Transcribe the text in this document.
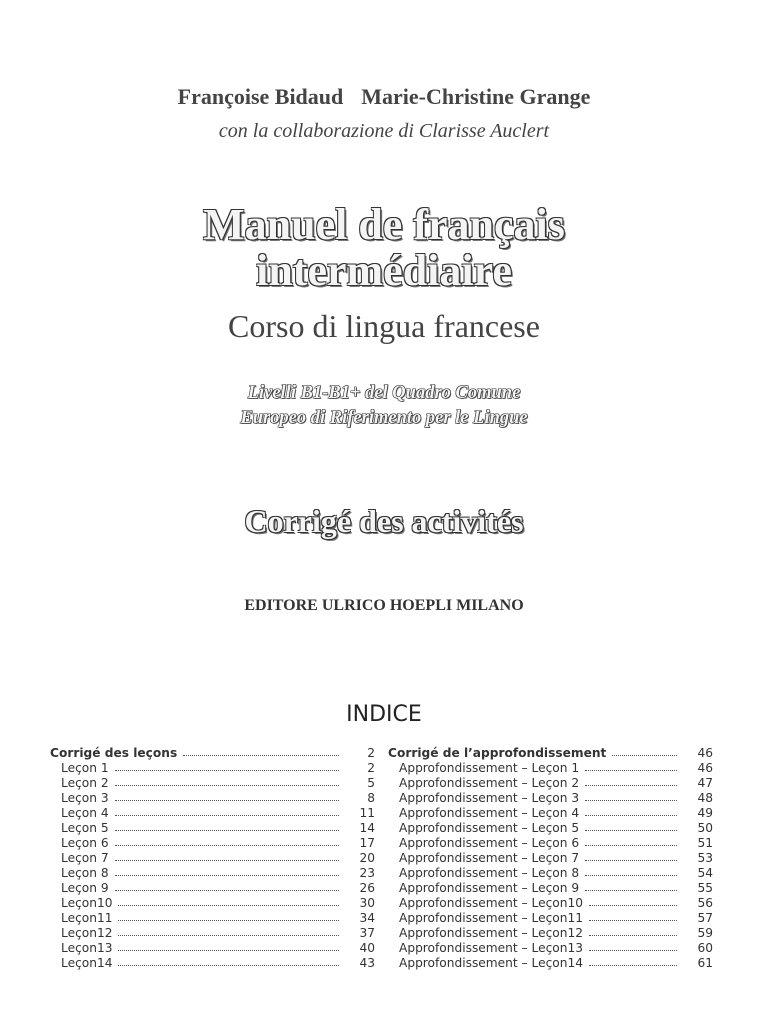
Françoise Bidaud Marie-Christine Grange
con la collaborazione di Clarisse Auclert
Manuel de français
intermédiaire
Corso di lingua francese
Livelli B1-B1+ del Quadro Comune
Europeo di Riferimento per le Lingue
Corrigé des activités
EDITORE ULRICO HOEPLI MILANO
INDICE
Corrigé des leçons	2
Leçon 1	2
Leçon 2	5
Leçon 3	8
Leçon 4	11
Leçon 5	14
Leçon 6	17
Leçon 7	20
Leçon 8	23
Leçon 9	26
Leçon10	30
Leçon11	34
Leçon12	37
Leçon13	40
Leçon14	43
Corrigé de l’approfondissement	46
Approfondissement – Leçon 1	46
Approfondissement – Leçon 2	47
Approfondissement – Leçon 3	48
Approfondissement – Leçon 4	49
Approfondissement – Leçon 5	50
Approfondissement – Leçon 6	51
Approfondissement – Leçon 7	53
Approfondissement – Leçon 8	54
Approfondissement – Leçon 9	55
Approfondissement – Leçon10	56
Approfondissement – Leçon11	57
Approfondissement – Leçon12	59
Approfondissement – Leçon13	60
Approfondissement – Leçon14	61
